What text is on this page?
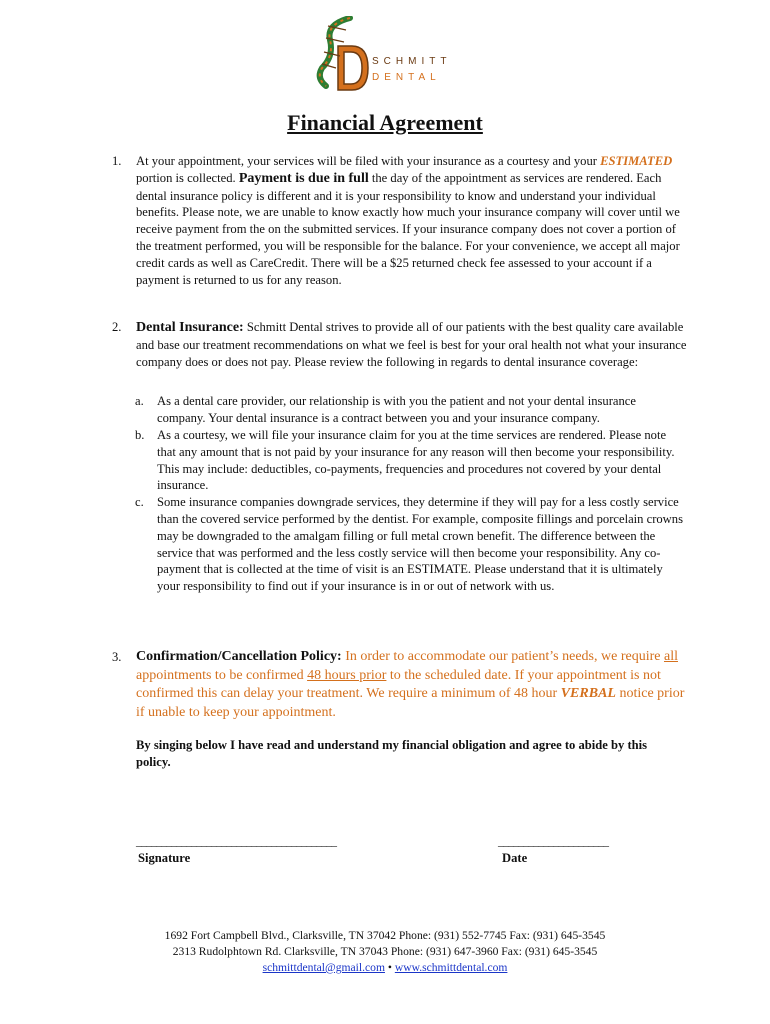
SCHMITT
DENTAL
Financial Agreement
1. At your appointment, your services will be filed with your insurance as a courtesy and your ESTIMATED portion is collected. Payment is due in full the day of the appointment as services are rendered. Each dental insurance policy is different and it is your responsibility to know and understand your individual benefits. Please note, we are unable to know exactly how much your insurance company will cover until we receive payment from the on the submitted services. If your insurance company does not cover a portion of the treatment performed, you will be responsible for the balance. For your convenience, we accept all major credit cards as well as CareCredit. There will be a $25 returned check fee assessed to your account if a payment is returned to us for any reason.
2. Dental Insurance: Schmitt Dental strives to provide all of our patients with the best quality care available and base our treatment recommendations on what we feel is best for your oral health not what your insurance company does or does not pay. Please review the following in regards to dental insurance coverage:
a. As a dental care provider, our relationship is with you the patient and not your dental insurance company. Your dental insurance is a contract between you and your insurance company.
b. As a courtesy, we will file your insurance claim for you at the time services are rendered. Please note that any amount that is not paid by your insurance for any reason will then become your responsibility. This may include: deductibles, co-payments, frequencies and procedures not covered by your dental insurance.
c. Some insurance companies downgrade services, they determine if they will pay for a less costly service than the covered service performed by the dentist. For example, composite fillings and porcelain crowns may be downgraded to the amalgam filling or full metal crown benefit. The difference between the service that was performed and the less costly service will then become your responsibility. Any co-payment that is collected at the time of visit is an ESTIMATE. Please understand that it is ultimately your responsibility to find out if your insurance is in or out of network with us.
3. Confirmation/Cancellation Policy: In order to accommodate our patient’s needs, we require all appointments to be confirmed 48 hours prior to the scheduled date. If your appointment is not confirmed this can delay your treatment. We require a minimum of 48 hour VERBAL notice prior if unable to keep your appointment.
By singing below I have read and understand my financial obligation and agree to abide by this policy.
________________________________________
Signature
______________________
Date
1692 Fort Campbell Blvd., Clarksville, TN 37042 Phone: (931) 552-7745 Fax: (931) 645-3545
2313 Rudolphtown Rd. Clarksville, TN 37043 Phone: (931) 647-3960 Fax: (931) 645-3545
schmittdental@gmail.com • www.schmittdental.com
